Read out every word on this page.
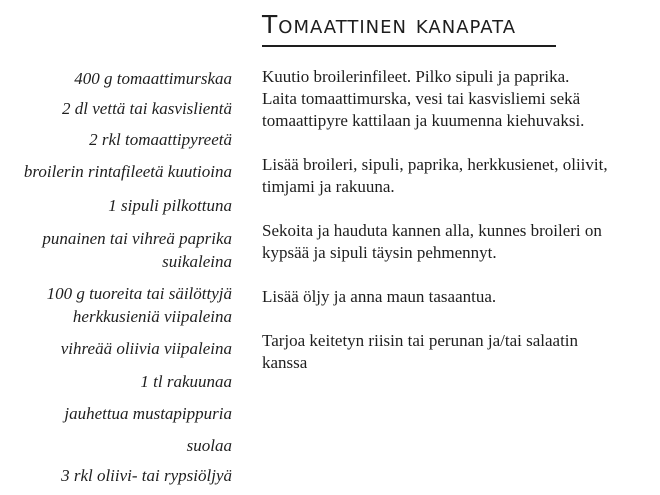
Tomaattinen kanapata
400 g tomaattimurskaa
2 dl vettä tai kasvislientä
2 rkl tomaattipyreetä
broilerin rintafileetä kuutioina
1 sipuli pilkottuna
punainen tai vihreä paprika suikaleina
100 g tuoreita tai säilöttyjä herkkusieniä viipaleina
vihreää oliivia viipaleina
1 tl rakuunaa
jauhettua mustapippuria
suolaa
3 rkl oliivi- tai rypsiöljyä

Kuutio broilerinfileet. Pilko sipuli ja paprika.
Laita tomaattimurska, vesi tai kasvisliemi sekä
tomaattipyre kattilaan ja kuumenna kiehuvaksi.

Lisää broileri, sipuli, paprika, herkkusienet, oliivit,
timjami ja rakuuna.

Sekoita ja hauduta kannen alla, kunnes broileri on
kypsää ja sipuli täysin pehmennyt.

Lisää öljy ja anna maun tasaantua.

Tarjoa keitetyn riisin tai perunan ja/tai salaatin
kanssa
